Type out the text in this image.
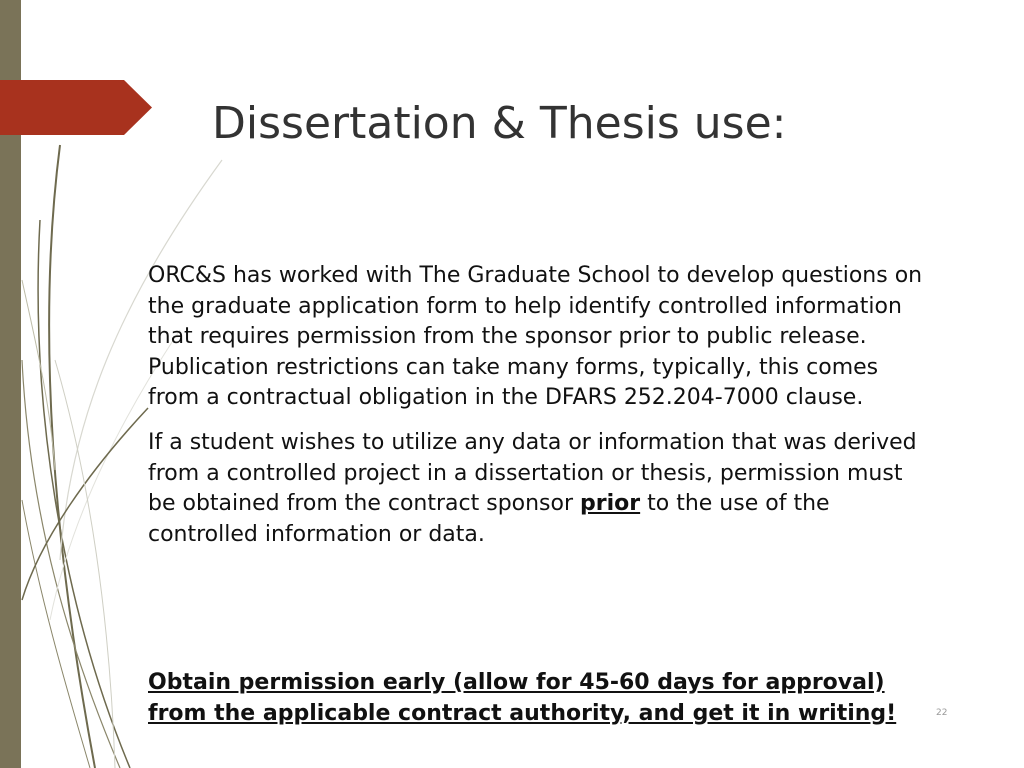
Dissertation & Thesis use:

ORC&S has worked with The Graduate School to develop questions on the graduate application form to help identify controlled information that requires permission from the sponsor prior to public release. Publication restrictions can take many forms, typically, this comes from a contractual obligation in the DFARS 252.204-7000 clause.

If a student wishes to utilize any data or information that was derived from a controlled project in a dissertation or thesis, permission must be obtained from the contract sponsor prior to the use of the controlled information or data.

Obtain permission early (allow for 45-60 days for approval)
from the applicable contract authority, and get it in writing!	22
